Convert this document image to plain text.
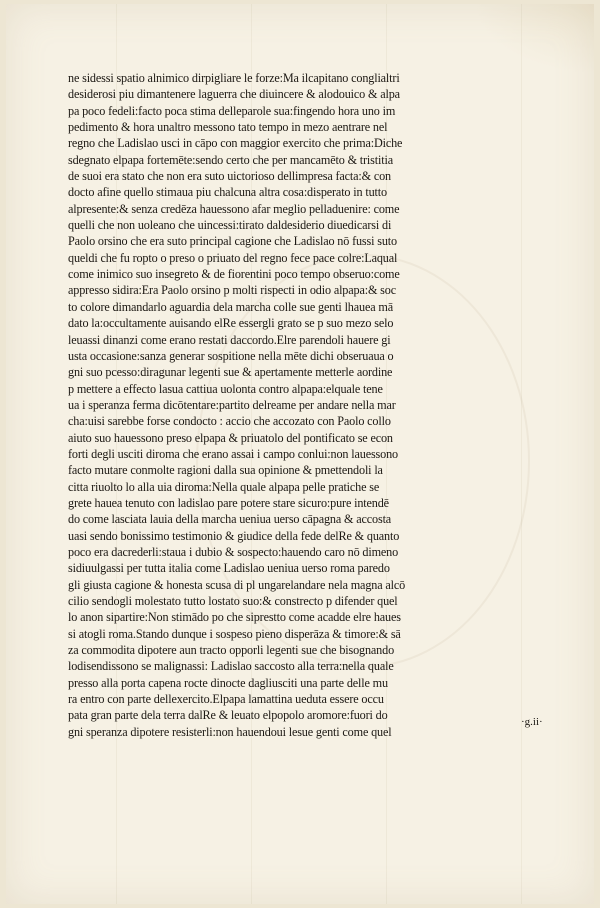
ne sidessi spatio alnimico dirpigliare le forze:Ma ilcapitano conglialtri
desiderosi piu dimantenere laguerra che diuincere & alodouico & alpa
pa poco fedeli:facto poca stima delleparole sua:fingendo hora uno im
pedimento & hora unaltro messono tato tempo in mezo aentrare nel
regno che Ladislao usci in cāpo con maggior exercito che prima:Diche
sdegnato elpapa fortemēte:sendo certo che per mancamēto & tristitia
de suoi era stato che non era suto uictorioso dellimpresa facta:& con
docto afine quello stimaua piu chalcuna altra cosa:disperato in tutto
alpresente:& senza credēza hauessono afar meglio pelladuenire: come
quelli che non uoleano che uincessi:tirato daldesiderio diuedicarsi di
Paolo orsino che era suto principal cagione che Ladislao nō fussi suto
queldi che fu ropto o preso o priuato del regno fece pace colre:Laqual
come inimico suo insegreto & de fiorentini poco tempo obseruo:come
appresso sidira:Era Paolo orsino p molti rispecti in odio alpapa:& soc
to colore dimandarlo aguardia dela marcha colle sue genti lhauea mā
dato la:occultamente auisando elRe essergli grato se p suo mezo selo
leuassi dinanzi come erano restati daccordo.Elre parendoli hauere gi
usta occasione:sanza generar sospitione nella mēte dichi obseruaua o
gni suo pcesso:diragunar legenti sue & apertamente metterle aordine
p mettere a effecto lasua cattiua uolonta contro alpapa:elquale tene
ua i speranza ferma dicōtentare:partito delreame per andare nella mar
cha:uisi sarebbe forse condocto : accio che accozato con Paolo collo
aiuto suo hauessono preso elpapa & priuatolo del pontificato se econ
forti degli usciti diroma che erano assai i campo conlui:non lauessono
facto mutare conmolte ragioni dalla sua opinione & pmettendoli la
citta riuolto lo alla uia diroma:Nella quale alpapa pelle pratiche se
grete hauea tenuto con ladislao pare potere stare sicuro:pure intendē
do come lasciata lauia della marcha ueniua uerso cāpagna & accosta
uasi sendo bonissimo testimonio & giudice della fede delRe & quanto
poco era dacrederli:staua i dubio & sospecto:hauendo caro nō dimeno
sidiuulgassi per tutta italia come Ladislao ueniua uerso roma paredo
gli giusta cagione & honesta scusa di pl ungarelandare nela magna alcō
cilio sendogli molestato tutto lostato suo:& constrecto p difender quel
lo anon sipartire:Non stimādo po che siprestto come acadde elre haues
si atogli roma.Stando dunque i sospeso pieno disperāza & timore:& sā
za commodita dipotere aun tracto opporli legenti sue che bisognando
lodisendissono se malignassi: Ladislao saccosto alla terra:nella quale
presso alla porta capena rocte dinocte dagliusciti una parte delle mu
ra entro con parte dellexercito.Elpapa lamattina ueduta essere occu
pata gran parte dela terra dalRe & leuato elpopolo aromore:fuori do
gni speranza dipotere resisterli:non hauendoui lesue genti come quel
·g.ii·
